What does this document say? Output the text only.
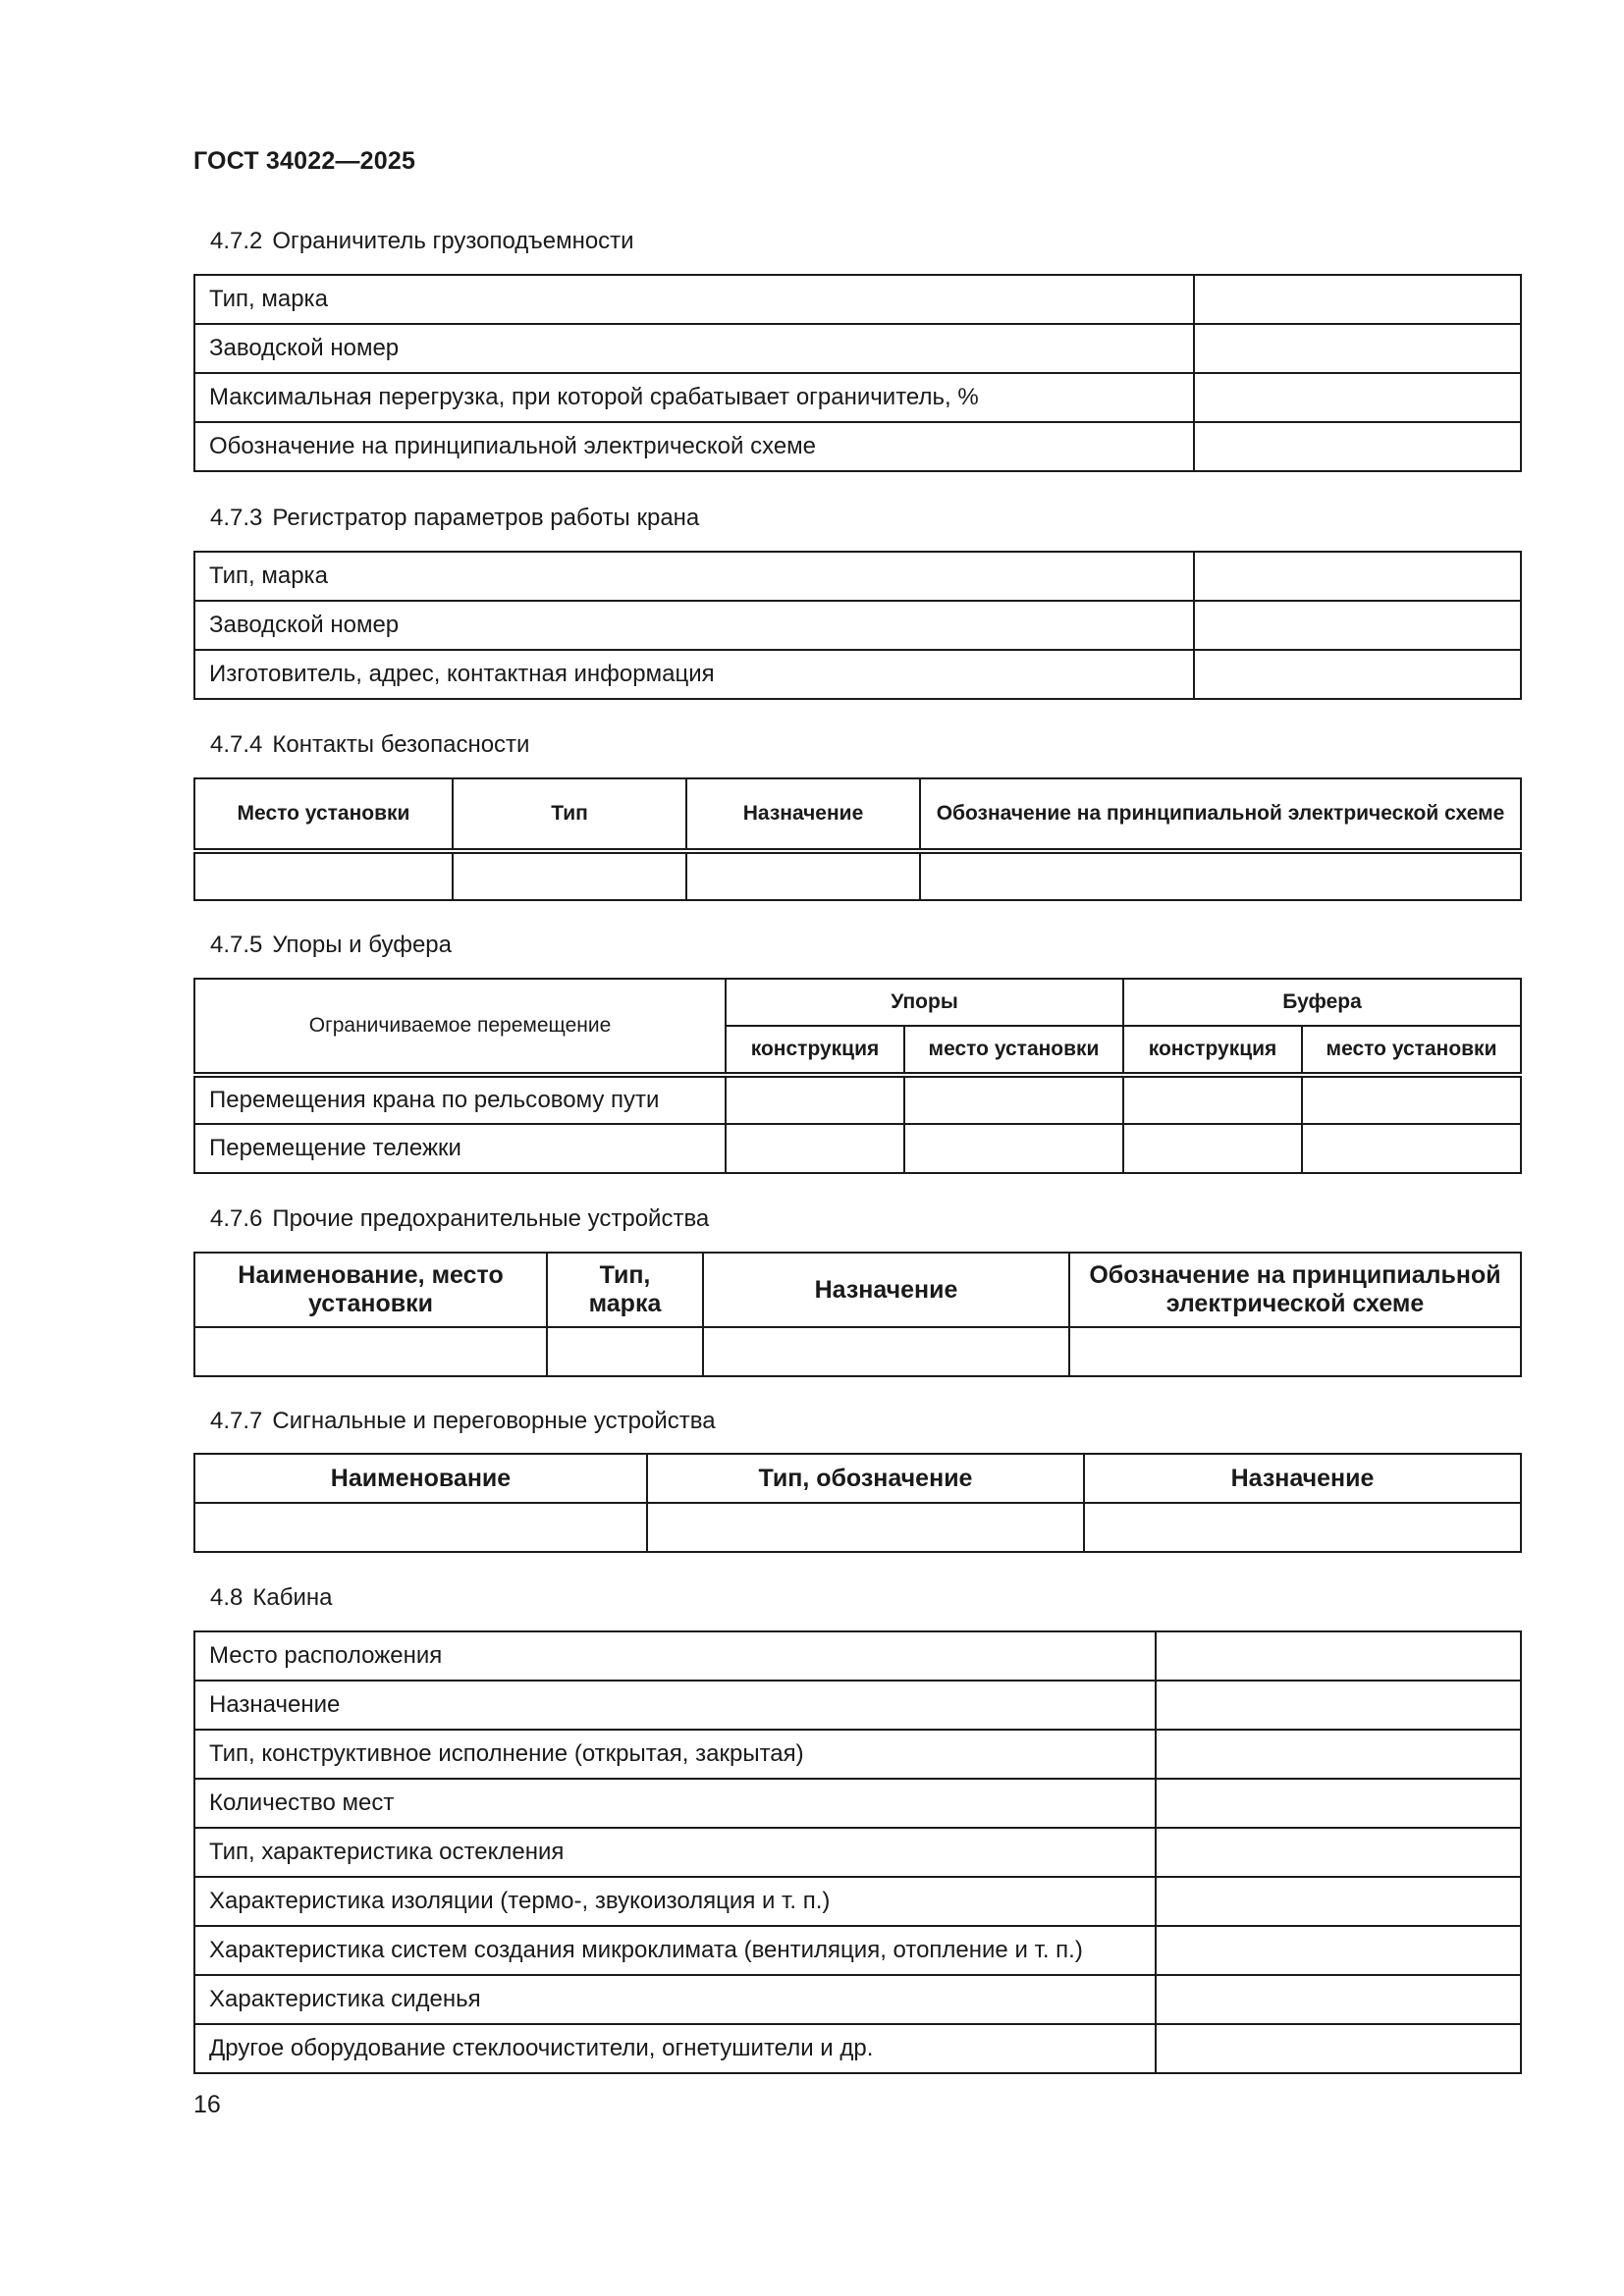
ГОСТ 34022—2025
4.7.2 Ограничитель грузоподъемности
Тип, марка	
Заводской номер	
Максимальная перегрузка, при которой срабатывает ограничитель, %	
Обозначение на принципиальной электрической схеме	
4.7.3 Регистратор параметров работы крана
Тип, марка	
Заводской номер	
Изготовитель, адрес, контактная информация	
4.7.4 Контакты безопасности
Место установки	Тип	Назначение	Обозначение на принципиальной электрической схеме

4.7.5 Упоры и буфера
Ограничиваемое перемещение	Упоры		Буфера	
	конструкция	место установки	конструкция	место установки
Перемещения крана по рельсовому пути				
Перемещение тележки				
4.7.6 Прочие предохранительные устройства
Наименование, место установки	Тип, марка	Назначение	Обозначение на принципиальной электрической схеме

4.7.7 Сигнальные и переговорные устройства
Наименование	Тип, обозначение	Назначение

4.8 Кабина
Место расположения	
Назначение	
Тип, конструктивное исполнение (открытая, закрытая)	
Количество мест	
Тип, характеристика остекления	
Характеристика изоляции (термо-, звукоизоляция и т. п.)	
Характеристика систем создания микроклимата (вентиляция, отопление и т. п.)	
Характеристика сиденья	
Другое оборудование стеклоочистители, огнетушители и др.	
16
